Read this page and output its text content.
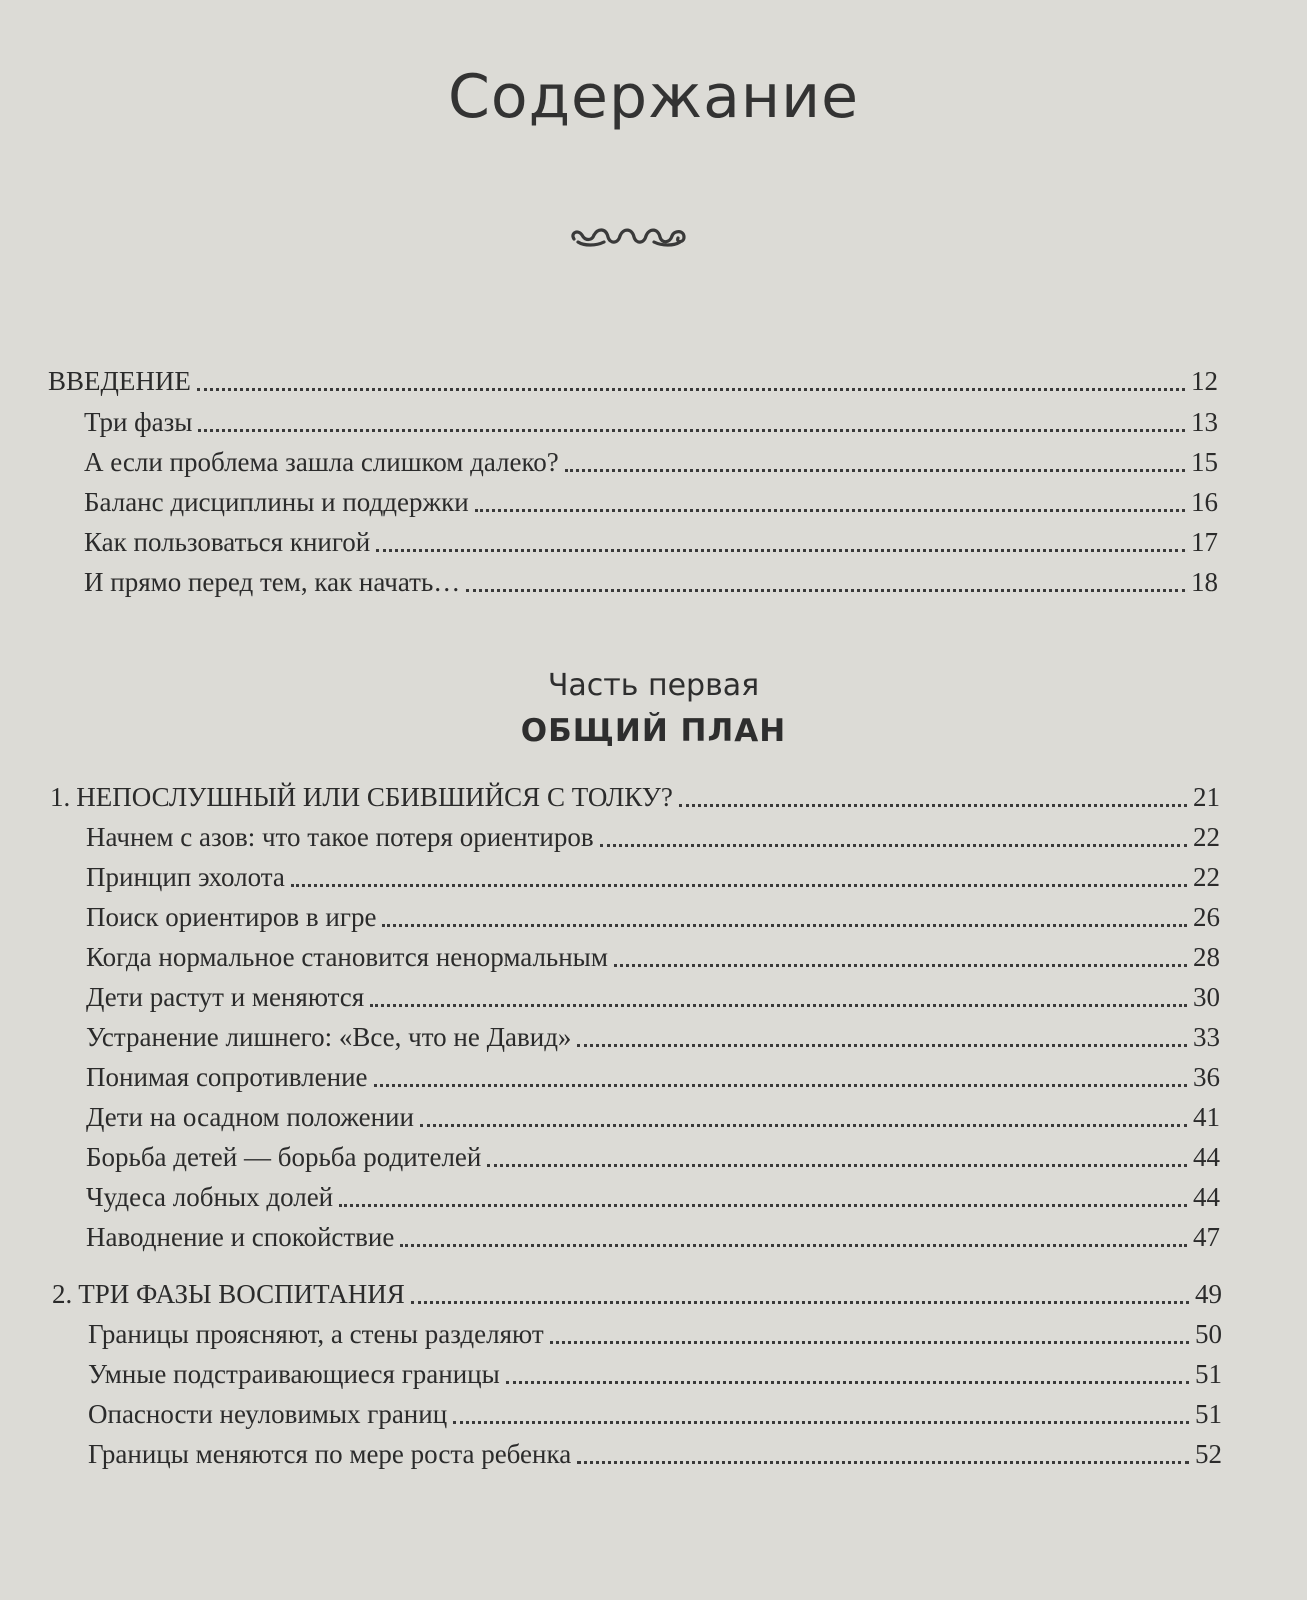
Содержание
ВВЕДЕНИЕ	12
Три фазы	13
А если проблема зашла слишком далеко?	15
Баланс дисциплины и поддержки	16
Как пользоваться книгой	17
И прямо перед тем, как начать…	18
Часть первая
ОБЩИЙ ПЛАН
1. НЕПОСЛУШНЫЙ ИЛИ СБИВШИЙСЯ С ТОЛКУ?	21
Начнем с азов: что такое потеря ориентиров	22
Принцип эхолота	22
Поиск ориентиров в игре	26
Когда нормальное становится ненормальным	28
Дети растут и меняются	30
Устранение лишнего: «Все, что не Давид»	33
Понимая сопротивление	36
Дети на осадном положении	41
Борьба детей — борьба родителей	44
Чудеса лобных долей	44
Наводнение и спокойствие	47
2. ТРИ ФАЗЫ ВОСПИТАНИЯ	49
Границы проясняют, а стены разделяют	50
Умные подстраивающиеся границы	51
Опасности неуловимых границ	51
Границы меняются по мере роста ребенка	52
